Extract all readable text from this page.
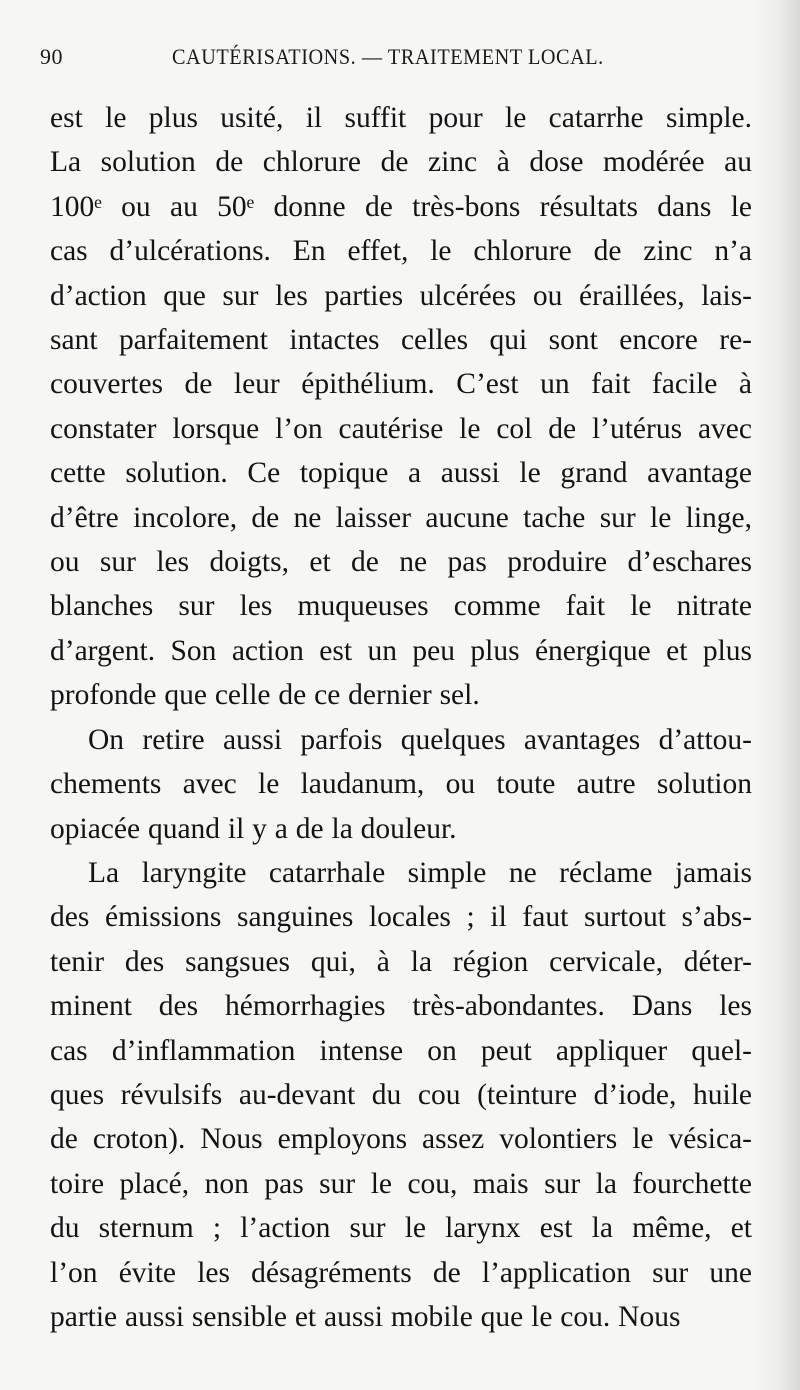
90	CAUTÉRISATIONS. — TRAITEMENT LOCAL.
est le plus usité, il suffit pour le catarrhe simple.
La solution de chlorure de zinc à dose modérée au
100ᵉ ou au 50ᵉ donne de très-bons résultats dans le
cas d’ulcérations. En effet, le chlorure de zinc n’a
d’action que sur les parties ulcérées ou éraillées, lais-
sant parfaitement intactes celles qui sont encore re-
couvertes de leur épithélium. C’est un fait facile à
constater lorsque l’on cautérise le col de l’utérus avec
cette solution. Ce topique a aussi le grand avantage
d’être incolore, de ne laisser aucune tache sur le linge,
ou sur les doigts, et de ne pas produire d’eschares
blanches sur les muqueuses comme fait le nitrate
d’argent. Son action est un peu plus énergique et plus
profonde que celle de ce dernier sel.
On retire aussi parfois quelques avantages d’attou-
chements avec le laudanum, ou toute autre solution
opiacée quand il y a de la douleur.
La laryngite catarrhale simple ne réclame jamais
des émissions sanguines locales ; il faut surtout s’abs-
tenir des sangsues qui, à la région cervicale, déter-
minent des hémorrhagies très-abondantes. Dans les
cas d’inflammation intense on peut appliquer quel-
ques révulsifs au-devant du cou (teinture d’iode, huile
de croton). Nous employons assez volontiers le vésica-
toire placé, non pas sur le cou, mais sur la fourchette
du sternum ; l’action sur le larynx est la même, et
l’on évite les désagréments de l’application sur une
partie aussi sensible et aussi mobile que le cou. Nous
